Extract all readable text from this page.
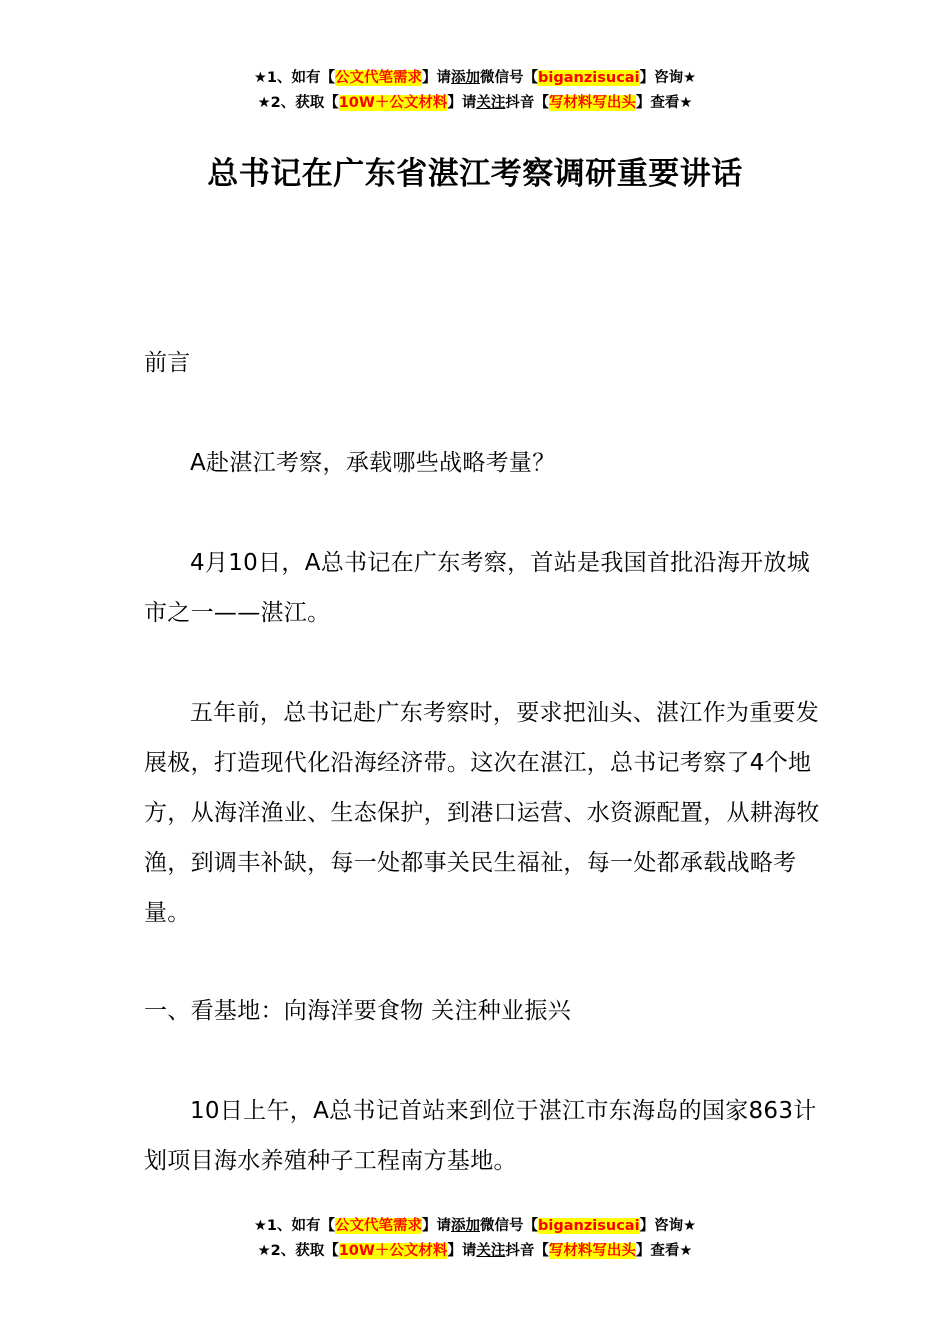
★1、如有【公文代笔需求】请添加微信号【biganzisucai】咨询★
★2、获取【10W＋公文材料】请关注抖音【写材料写出头】查看★
总书记在广东省湛江考察调研重要讲话

前言

A赴湛江考察，承载哪些战略考量？

4月10日，A总书记在广东考察，首站是我国首批沿海开放城市之一——湛江。

五年前，总书记赴广东考察时，要求把汕头、湛江作为重要发展极，打造现代化沿海经济带。这次在湛江，总书记考察了4个地方，从海洋渔业、生态保护，到港口运营、水资源配置，从耕海牧渔，到调丰补缺，每一处都事关民生福祉，每一处都承载战略考量。

一、看基地：向海洋要食物 关注种业振兴

10日上午，A总书记首站来到位于湛江市东海岛的国家863计划项目海水养殖种子工程南方基地。

★1、如有【公文代笔需求】请添加微信号【biganzisucai】咨询★
★2、获取【10W＋公文材料】请关注抖音【写材料写出头】查看★
